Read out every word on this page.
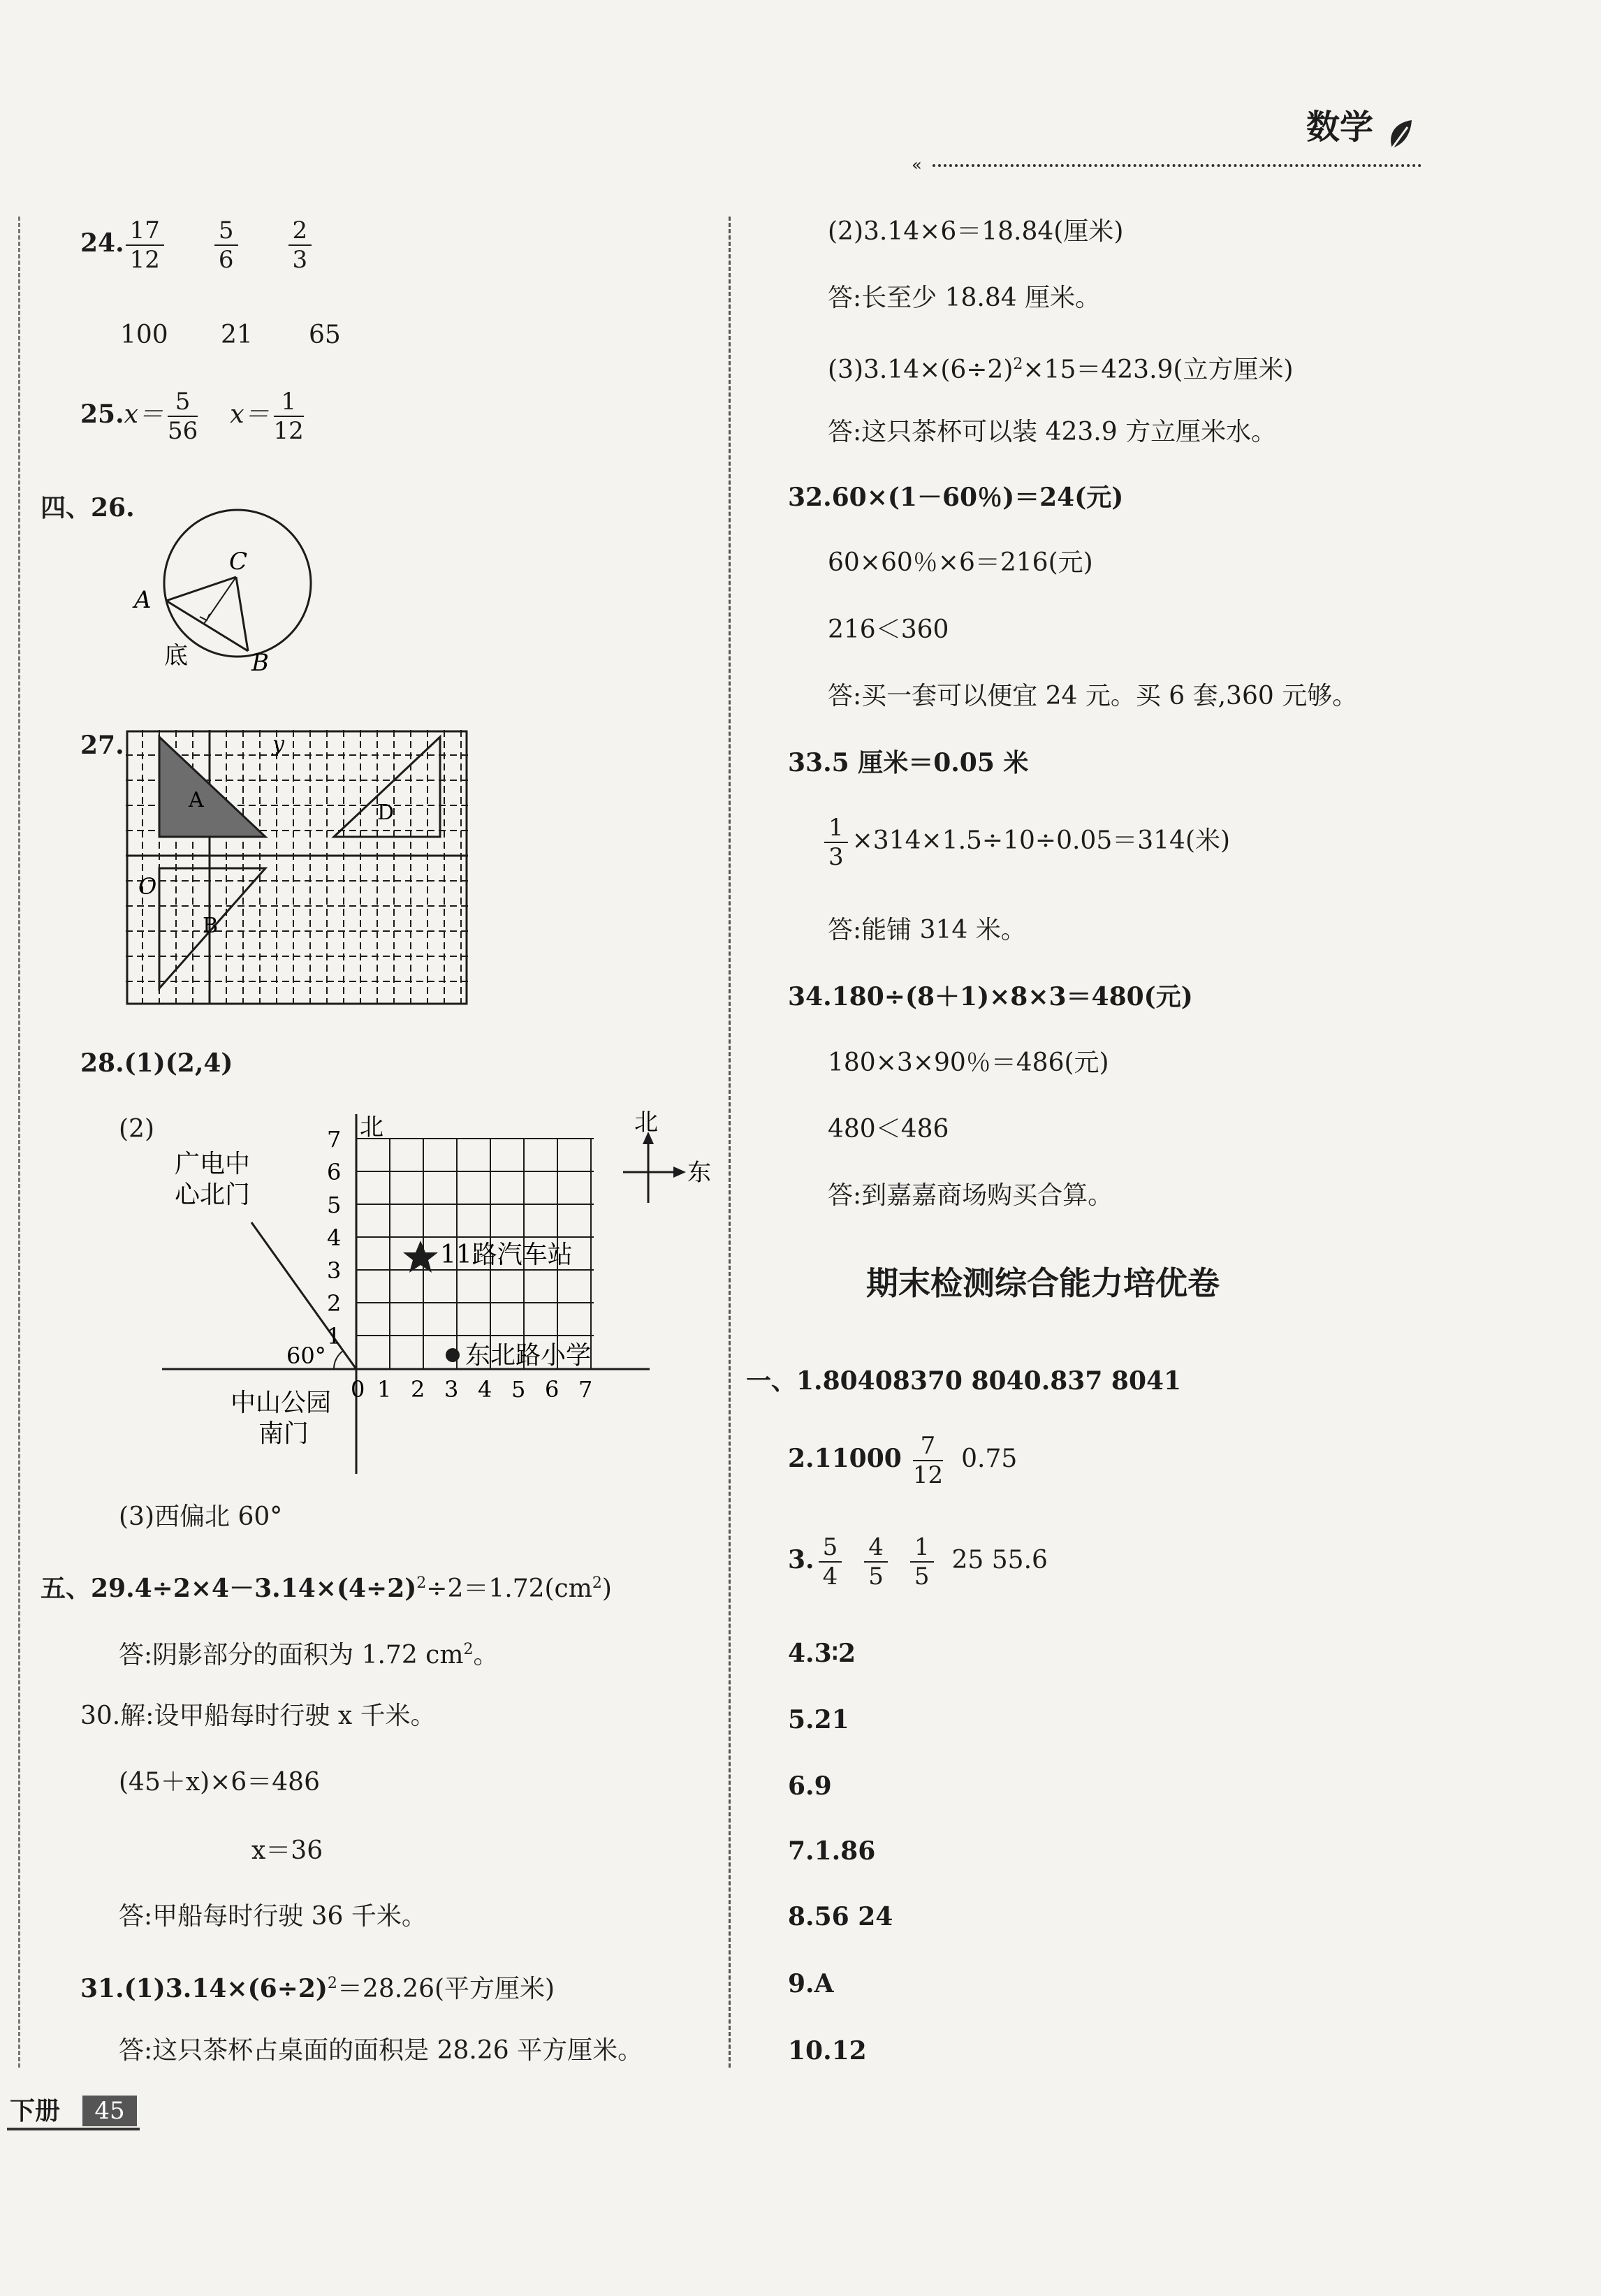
数学
«
24. $\frac{17}{12} \frac{5}{6} \frac{2}{3}$
100 21 65
$25.x= \frac{5}{56} x= \frac{1}{12}$
四、26.
A
C
B
底
27.
A
B
D
y
O
28.(1)(2,4)
(2)	北	北
东
7
6
5
4
3
2
1
0 1 2 3 4 5 6 7
广电中
心北门
11路汽车站
东北路小学
60°
中山公园
南门
(3)西偏北 60°
五、$29.4\div 2\times 4-3.14\times(4\div 2)^2\div 2=1.72(cm^2)$
答:阴影部分的面积为 1.72 $cm^2$。
30.解:设甲船每时行驶 x 千米。
(45＋x)×6＝486
x＝36
答:甲船每时行驶 36 千米。
$31.(1)3.14\times(6\div 2)^2=28.26$(平方厘米)
答:这只茶杯占桌面的面积是 28.26 平方厘米。
下册	45
(2)3.14×6＝18.84(厘米)
答:长至少 18.84 厘米。
$(3)3.14\times(6\div 2)^2\times 15=423.9$(立方厘米)
答:这只茶杯可以装 423.9 方立厘米水。
32.60×(1－60％)＝24(元)
60×60％×6＝216(元)
216＜360
答:买一套可以便宜 24 元。买 6 套,360 元够。
33.5 厘米＝0.05 米
$\frac{1}{3} \times 314\times 1.5\div 10\div 0.05=314$(米)
答:能铺 314 米。
34.180÷(8＋1)×8×3＝480(元)
180×3×90％＝486(元)
480＜486
答:到嘉嘉商场购买合算。
期末检测综合能力培优卷
一、1.80408370 8040.837 8041
$2.11000 \frac{7}{12} 0.75$
3. $\frac{5}{4} \frac{4}{5} \frac{1}{5} 25$ 55.6
4.3∶2
5.21
6.9
7.1.86
8.56 24
9.A
10.12
